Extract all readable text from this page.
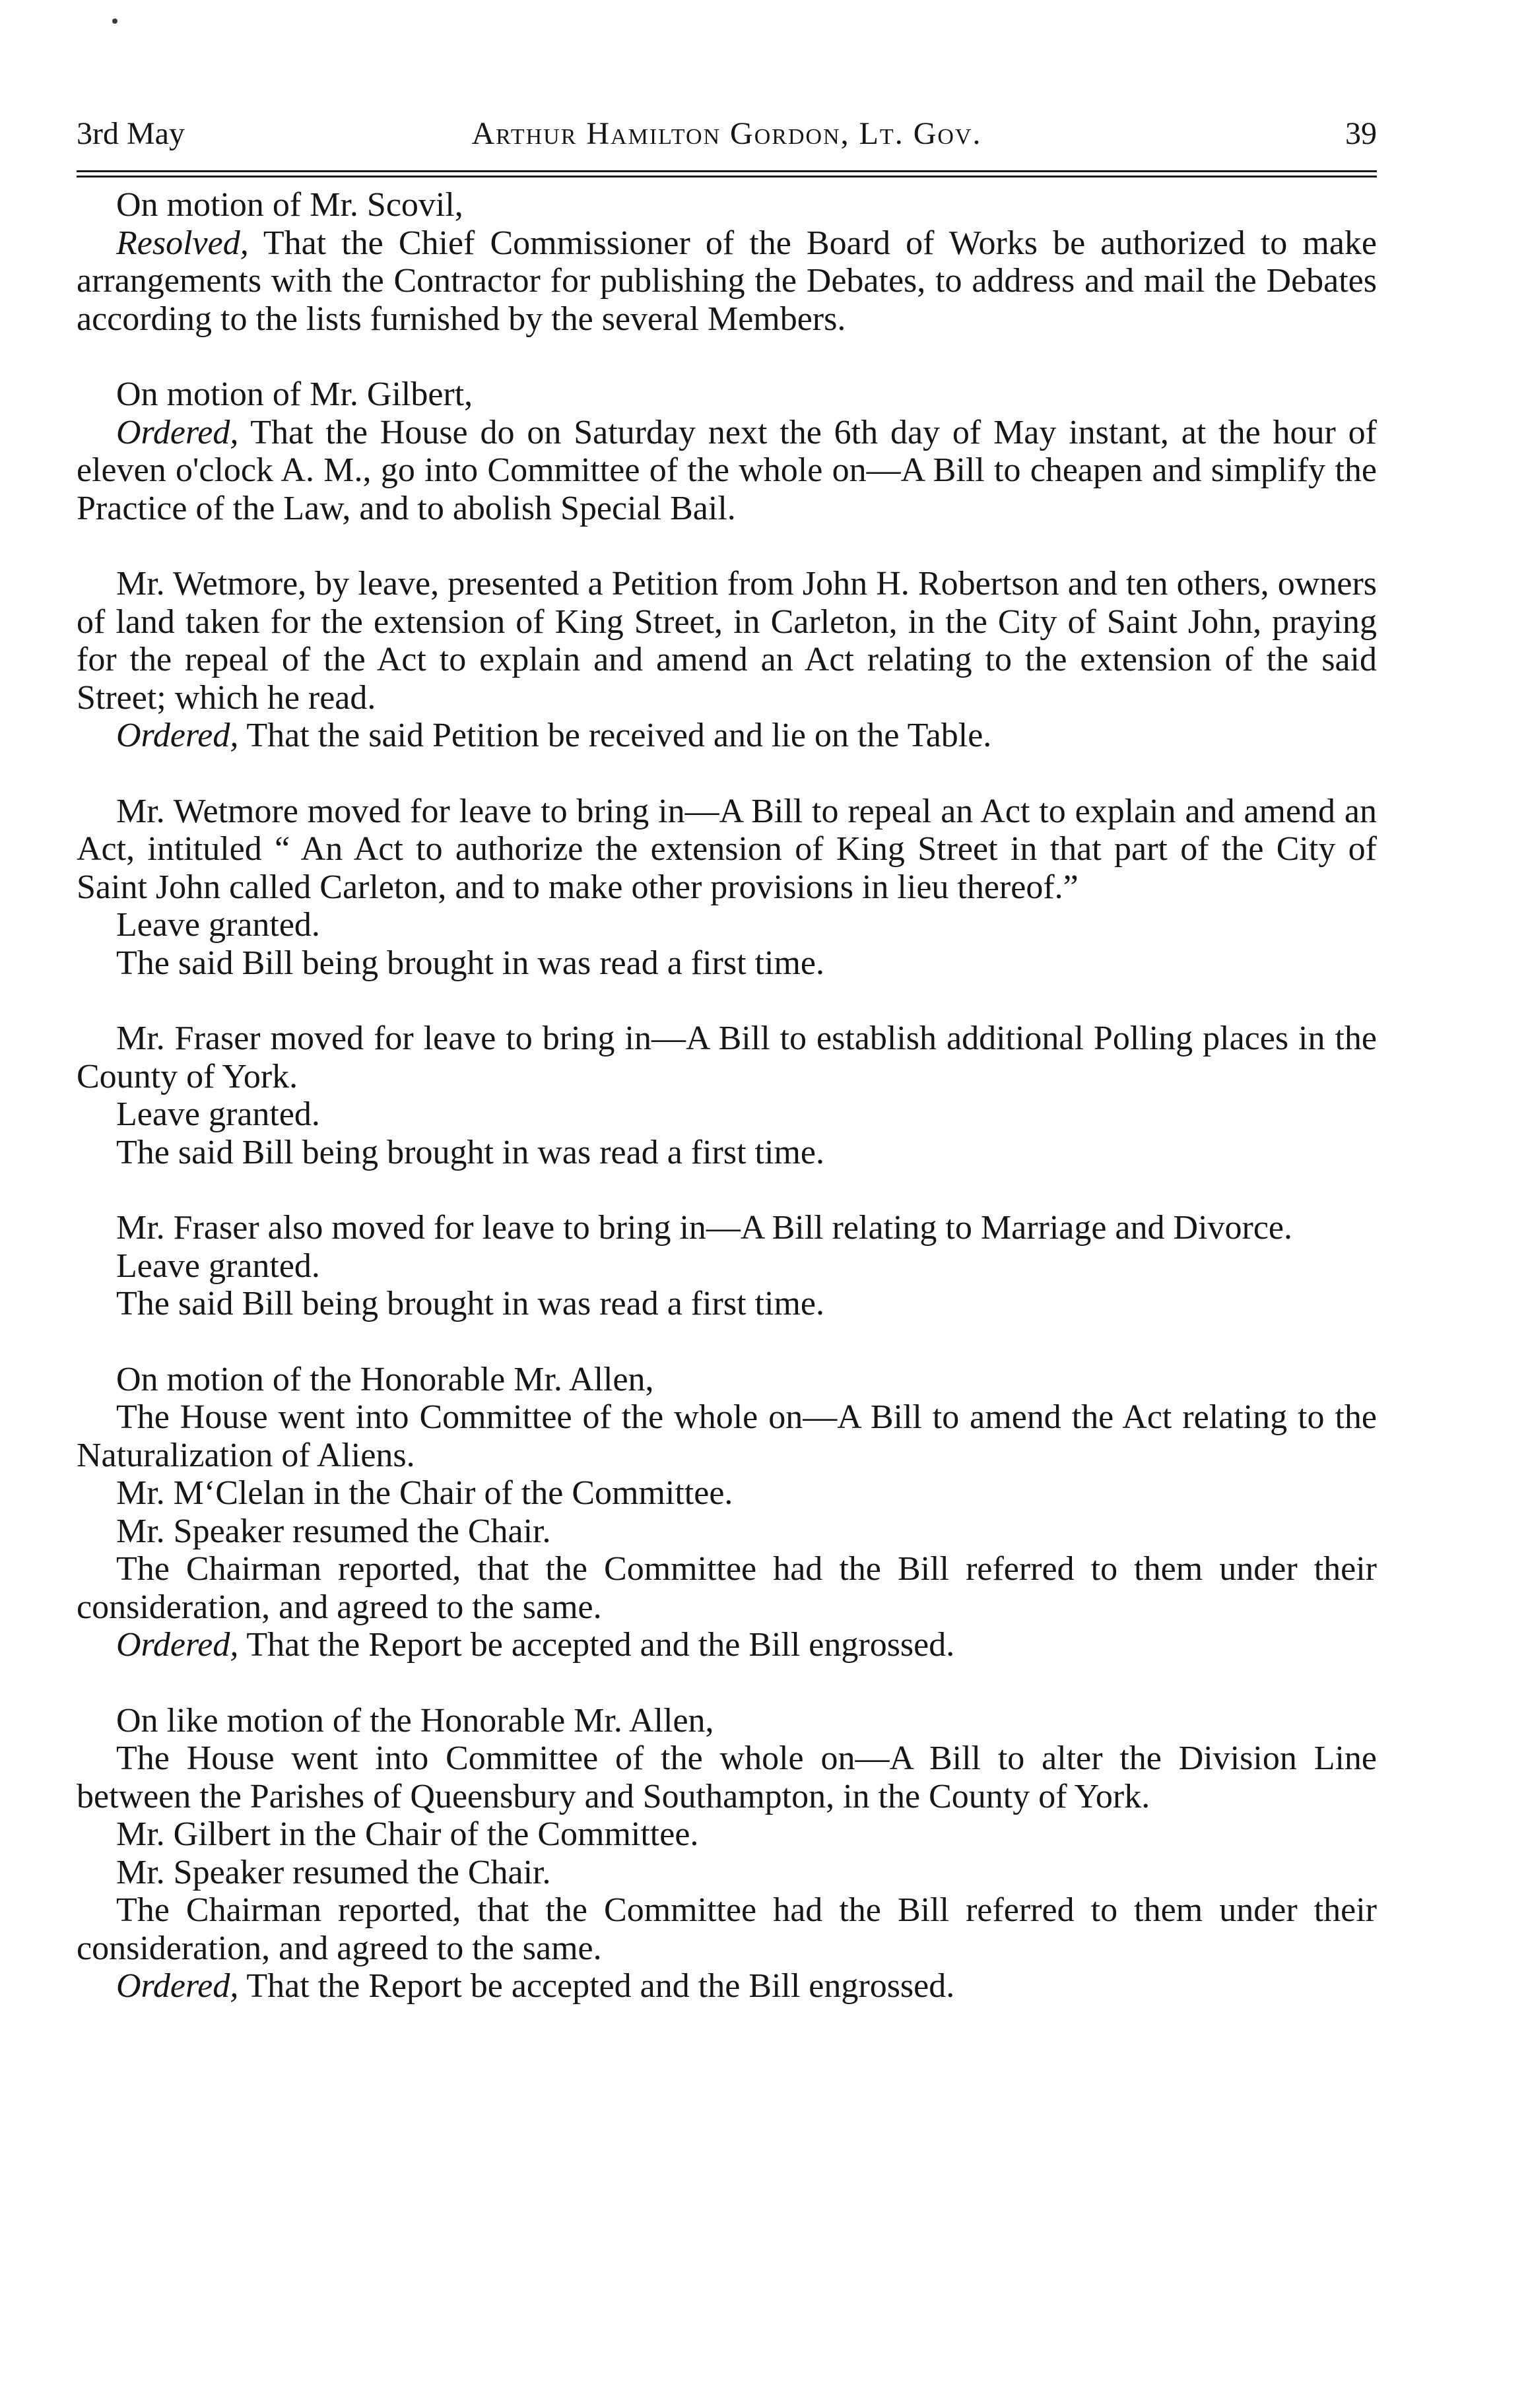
3rd May	Arthur Hamilton Gordon, Lt. Gov.	39

On motion of Mr. Scovil,

Resolved, That the Chief Commissioner of the Board of Works be authorized to make arrangements with the Contractor for publishing the Debates, to address and mail the Debates according to the lists furnished by the several Members.

On motion of Mr. Gilbert,

Ordered, That the House do on Saturday next the 6th day of May instant, at the hour of eleven o'clock A. M., go into Committee of the whole on—A Bill to cheapen and simplify the Practice of the Law, and to abolish Special Bail.

Mr. Wetmore, by leave, presented a Petition from John H. Robertson and ten others, owners of land taken for the extension of King Street, in Carleton, in the City of Saint John, praying for the repeal of the Act to explain and amend an Act relating to the extension of the said Street; which he read.

Ordered, That the said Petition be received and lie on the Table.

Mr. Wetmore moved for leave to bring in—A Bill to repeal an Act to explain and amend an Act, intituled “ An Act to authorize the extension of King Street in that part of the City of Saint John called Carleton, and to make other provisions in lieu thereof.”

Leave granted.

The said Bill being brought in was read a first time.

Mr. Fraser moved for leave to bring in—A Bill to establish additional Polling places in the County of York.

Leave granted.

The said Bill being brought in was read a first time.

Mr. Fraser also moved for leave to bring in—A Bill relating to Marriage and Divorce.

Leave granted.

The said Bill being brought in was read a first time.

On motion of the Honorable Mr. Allen,

The House went into Committee of the whole on—A Bill to amend the Act relating to the Naturalization of Aliens.

Mr. M‘Clelan in the Chair of the Committee.

Mr. Speaker resumed the Chair.

The Chairman reported, that the Committee had the Bill referred to them under their consideration, and agreed to the same.

Ordered, That the Report be accepted and the Bill engrossed.

On like motion of the Honorable Mr. Allen,

The House went into Committee of the whole on—A Bill to alter the Division Line between the Parishes of Queensbury and Southampton, in the County of York.

Mr. Gilbert in the Chair of the Committee.

Mr. Speaker resumed the Chair.

The Chairman reported, that the Committee had the Bill referred to them under their consideration, and agreed to the same.

Ordered, That the Report be accepted and the Bill engrossed.
